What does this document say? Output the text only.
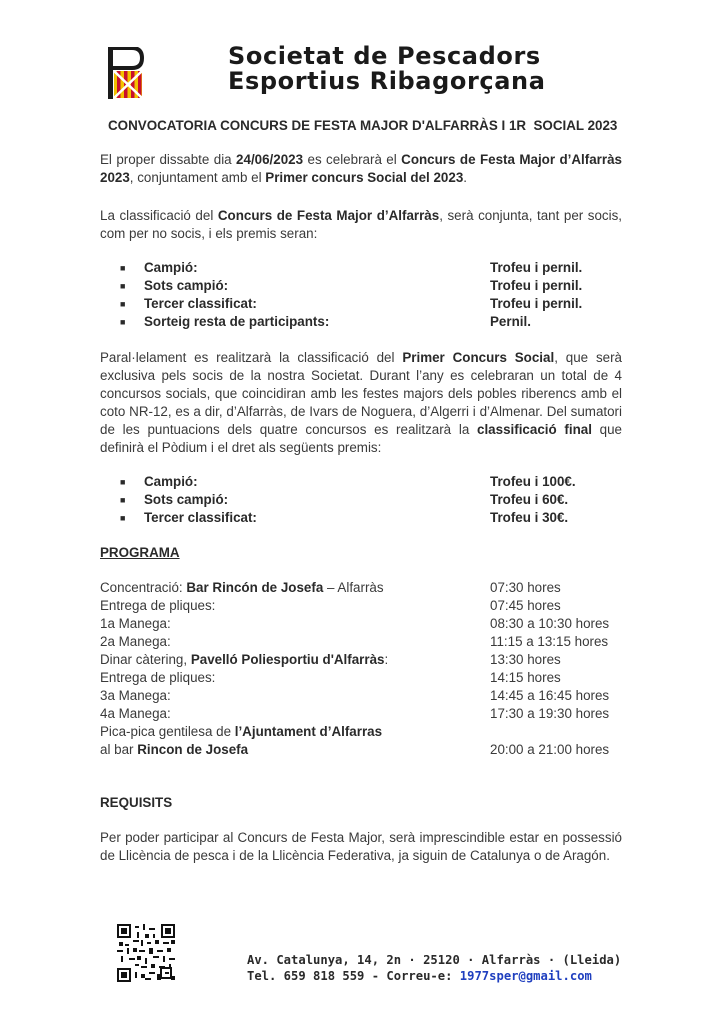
Societat de Pescadors
Esportius Ribagorçana
CONVOCATORIA CONCURS DE FESTA MAJOR D'ALFARRÀS I 1R  SOCIAL 2023
El proper dissabte dia 24/06/2023 es celebrarà el Concurs de Festa Major d’Alfarràs 2023, conjuntament amb el Primer concurs Social del 2023.
La classificació del Concurs de Festa Major d’Alfarràs, serà conjunta, tant per socis, com per no socis, i els premis seran:
■ Campió:	Trofeu i pernil.
■ Sots campió:	Trofeu i pernil.
■ Tercer classificat:	Trofeu i pernil.
■ Sorteig resta de participants:	Pernil.
Paral·lelament es realitzarà la classificació del Primer Concurs Social, que serà exclusiva pels socis de la nostra Societat. Durant l’any es celebraran un total de 4 concursos socials, que coincidiran amb les festes majors dels pobles riberencs amb el coto NR-12, es a dir, d’Alfarràs, de Ivars de Noguera, d’Algerri i d’Almenar. Del sumatori de les puntuacions dels quatre concursos es realitzarà la classificació final que definirà el Pòdium i el dret als següents premis:
■ Campió:	Trofeu i 100€.
■ Sots campió:	Trofeu i 60€.
■ Tercer classificat:	Trofeu i 30€.
PROGRAMA
Concentració: Bar Rincón de Josefa – Alfarràs	07:30 hores
Entrega de pliques:	07:45 hores
1a Manega:	08:30 a 10:30 hores
2a Manega:	11:15 a 13:15 hores
Dinar càtering, Pavelló Poliesportiu d'Alfarràs:	13:30 hores
Entrega de pliques:	14:15 hores
3a Manega:	14:45 a 16:45 hores
4a Manega:	17:30 a 19:30 hores
Pica-pica gentilesa de l’Ajuntament d’Alfarras
al bar Rincon de Josefa	20:00 a 21:00 hores
REQUISITS
Per poder participar al Concurs de Festa Major, serà imprescindible estar en possessió de Llicència de pesca i de la Llicència Federativa, ja siguin de Catalunya o de Aragón.
Av. Catalunya, 14, 2n · 25120 · Alfarràs · (Lleida)
Tel. 659 818 559 - Correu-e: 1977sper@gmail.com
